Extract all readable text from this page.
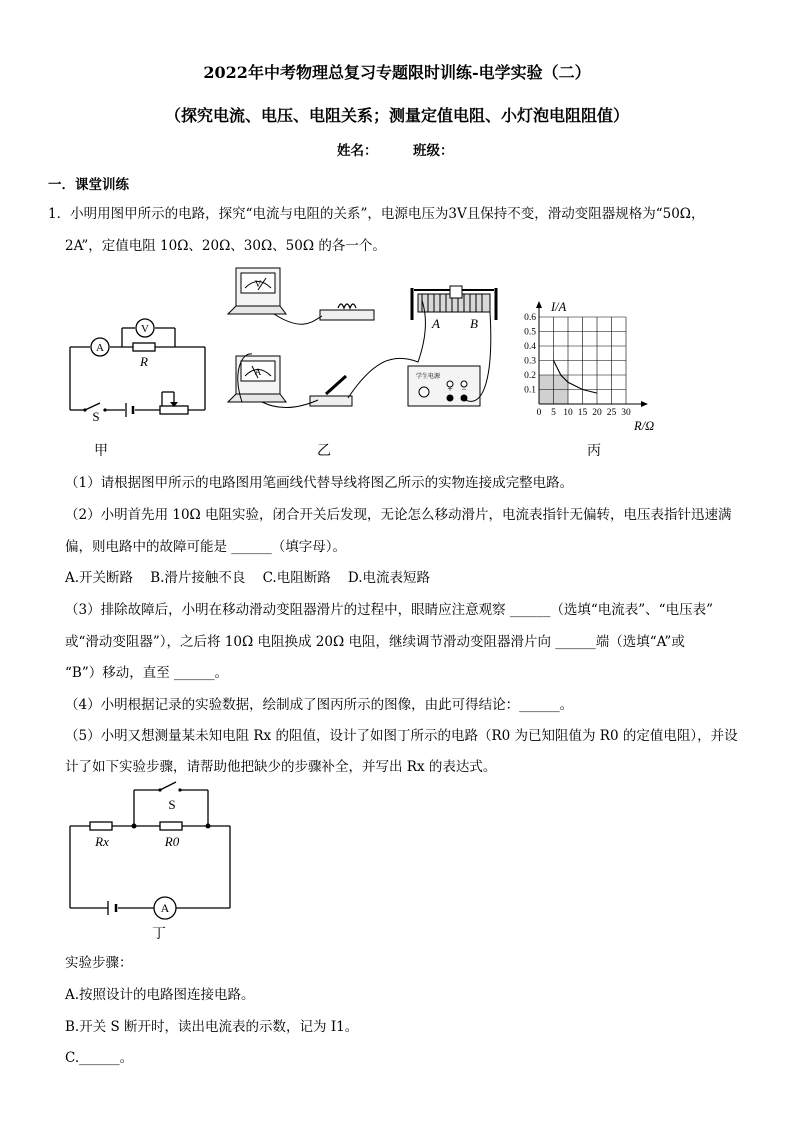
2022年中考物理总复习专题限时训练-电学实验（二）
（探究电流、电压、电阻关系；测量定值电阻、小灯泡电阻阻值）
姓名：	班级：
一．课堂训练
1．小明用图甲所示的电路，探究“电流与电阻的关系”，电源电压为3V且保持不变，滑动变阻器规格为“50Ω，
2A”，定值电阻 10Ω、20Ω、30Ω、50Ω 的各一个。
A
V
R
S
甲
V
A
A B
学生电源
+ −
乙
0 5 10 15 20 25 30
0.1
0.2
0.3
0.4
0.5
0.6
I/A
R/Ω
丙
（1）请根据图甲所示的电路图用笔画线代替导线将图乙所示的实物连接成完整电路。
（2）小明首先用 10Ω 电阻实验，闭合开关后发现，无论怎么移动滑片，电流表指针无偏转，电压表指针迅速满
偏，则电路中的故障可能是 ______（填字母）。
A.开关断路    B.滑片接触不良    C.电阻断路    D.电流表短路
（3）排除故障后，小明在移动滑动变阻器滑片的过程中，眼睛应注意观察 ______（选填“电流表”、“电压表”
或“滑动变阻器”），之后将 10Ω 电阻换成 20Ω 电阻，继续调节滑动变阻器滑片向 ______端（选填“A”或
“B”）移动，直至 ______。
（4）小明根据记录的实验数据，绘制成了图丙所示的图像，由此可得结论：______。
（5）小明又想测量某未知电阻 Rx 的阻值，设计了如图丁所示的电路（R0 为已知阻值为 R0 的定值电阻），并设
计了如下实验步骤，请帮助他把缺少的步骤补全，并写出 Rx 的表达式。
A
S
Rx	R0
丁
实验步骤：
A.按照设计的电路图连接电路。
B.开关 S 断开时，读出电流表的示数，记为 I1。
C.______。
